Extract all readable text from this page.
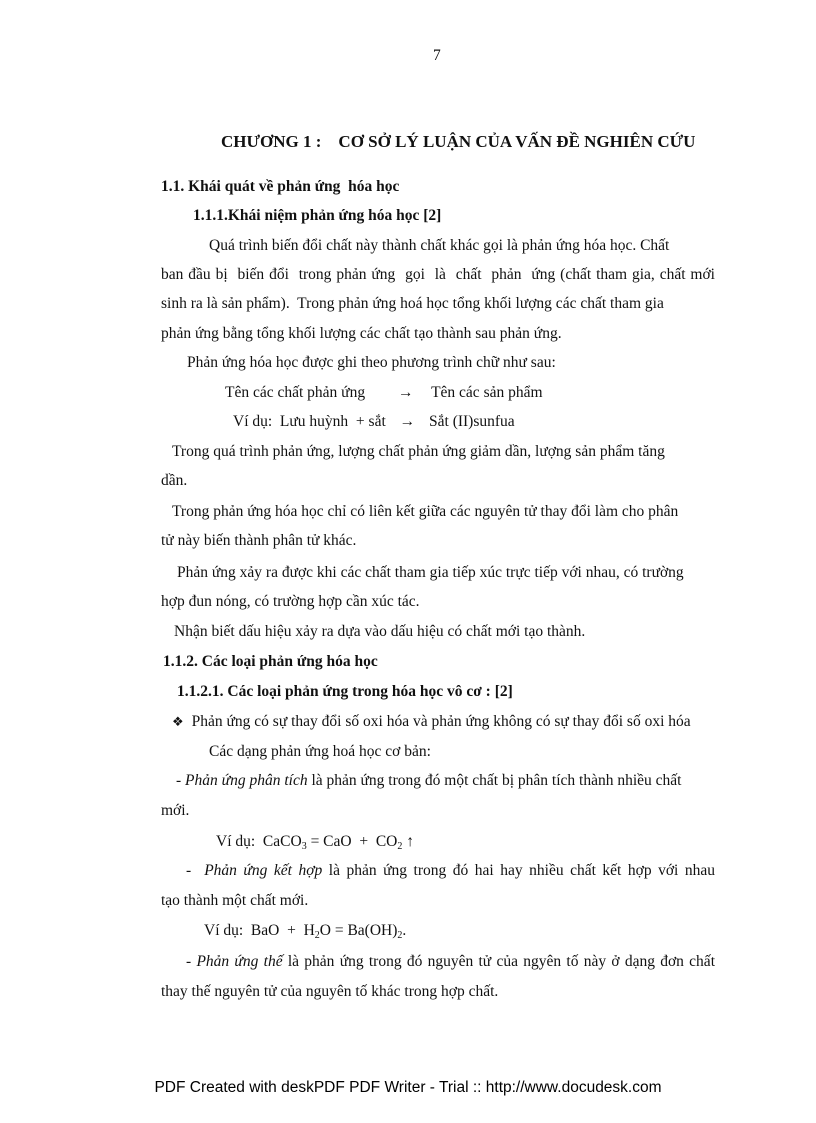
7
CHƯƠNG 1 :    CƠ SỞ LÝ LUẬN CỦA VẤN ĐỀ NGHIÊN CỨU
1.1. Khái quát về phản ứng  hóa học
1.1.1.Khái niệm phản ứng hóa học [2]
Quá trình biến đổi chất này thành chất khác gọi là phản ứng hóa học. Chất
ban đầu bị  biến đổi  trong phản ứng  gọi  là  chất  phản  ứng (chất tham gia, chất mới
sinh ra là sản phẩm).  Trong phản ứng hoá học tổng khối lượng các chất tham gia
phản ứng bằng tổng khối lượng các chất tạo thành sau phản ứng.
Phản ứng hóa học được ghi theo phương trình chữ như sau:
Tên các chất phản ứng → Tên các sản phẩm
Ví dụ:  Lưu huỳnh  + sắt → Sắt (II)sunfua
Trong quá trình phản ứng, lượng chất phản ứng giảm dần, lượng sản phẩm tăng
dần.
Trong phản ứng hóa học chỉ có liên kết giữa các nguyên tử thay đổi làm cho phân
tử này biến thành phân tử khác.
Phản ứng xảy ra được khi các chất tham gia tiếp xúc trực tiếp với nhau, có trường
hợp đun nóng, có trường hợp cần xúc tác.
Nhận biết dấu hiệu xảy ra dựa vào dấu hiệu có chất mới tạo thành.
1.1.2. Các loại phản ứng hóa học
1.1.2.1. Các loại phản ứng trong hóa học vô cơ : [2]
❖ Phản ứng có sự thay đổi số oxi hóa và phản ứng không có sự thay đổi số oxi hóa
Các dạng phản ứng hoá học cơ bản:
- Phản ứng phân tích là phản ứng trong đó một chất bị phân tích thành nhiều chất
mới.
Ví dụ:  CaCO$_3$ = CaO  +  $CO_2$ ↑
-  Phản ứng kết hợp là phản ứng trong đó hai hay nhiều chất kết hợp với nhau
tạo thành một chất mới.
Ví dụ:  BaO  +  $H_2O = Ba(OH)_2$.
- Phản ứng thế là phản ứng trong đó nguyên tử của ngyên tố này ở dạng đơn chất
thay thế nguyên tử của nguyên tố khác trong hợp chất.
PDF Created with deskPDF PDF Writer - Trial :: http://www.docudesk.com
